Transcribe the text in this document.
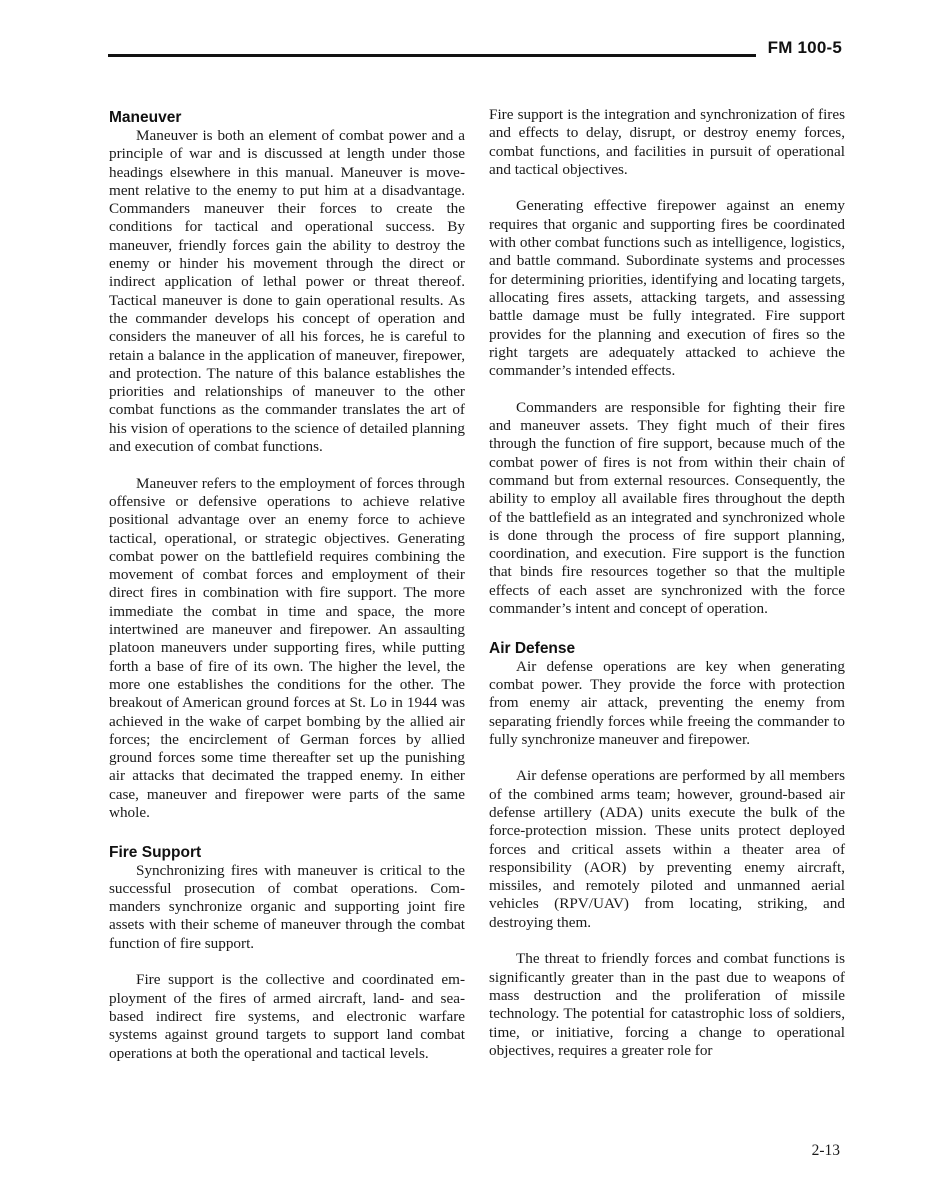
FM 100-5
Maneuver

Maneuver is both an element of combat power and a principle of war and is discussed at length under those headings elsewhere in this manual. Maneuver is movement relative to the enemy to put him at a disadvantage. Commanders maneuver their forces to create the conditions for tactical and operational success. By maneuver, friendly forces gain the ability to destroy the enemy or hinder his movement through the direct or indirect application of lethal power or threat thereof. Tactical maneuver is done to gain operational results. As the commander develops his concept of operation and considers the maneuver of all his forces, he is careful to retain a balance in the application of maneuver, firepower, and protection. The nature of this balance establishes the priorities and relationships of maneuver to the other combat functions as the commander translates the art of his vision of operations to the science of detailed planning and execution of combat functions.

Maneuver refers to the employment of forces through offensive or defensive operations to achieve relative positional advantage over an enemy force to achieve tactical, operational, or strategic objectives. Generating combat power on the battlefield requires combining the movement of combat forces and employment of their direct fires in combination with fire support. The more immediate the combat in time and space, the more intertwined are maneuver and firepower. An assaulting platoon maneuvers under supporting fires, while putting forth a base of fire of its own. The higher the level, the more one establishes the conditions for the other. The breakout of American ground forces at St. Lo in 1944 was achieved in the wake of carpet bombing by the allied air forces; the encirclement of German forces by allied ground forces some time thereafter set up the punishing air attacks that decimated the trapped enemy. In either case, maneuver and firepower were parts of the same whole.

Fire Support

Synchronizing fires with maneuver is critical to the successful prosecution of combat operations. Commanders synchronize organic and supporting joint fire assets with their scheme of maneuver through the combat function of fire support.

Fire support is the collective and coordinated employment of the fires of armed aircraft, land- and sea-based indirect fire systems, and electronic warfare systems against ground targets to support land combat operations at both the operational and tactical levels.

Fire support is the integration and synchronization of fires and effects to delay, disrupt, or destroy enemy forces, combat functions, and facilities in pursuit of operational and tactical objectives.

Generating effective firepower against an enemy requires that organic and supporting fires be coordinated with other combat functions such as intelligence, logistics, and battle command. Subordinate systems and processes for determining priorities, identifying and locating targets, allocating fires assets, attacking targets, and assessing battle damage must be fully integrated. Fire support provides for the planning and execution of fires so the right targets are adequately attacked to achieve the commander’s intended effects.

Commanders are responsible for fighting their fire and maneuver assets. They fight much of their fires through the function of fire support, because much of the combat power of fires is not from within their chain of command but from external resources. Consequently, the ability to employ all available fires throughout the depth of the battlefield as an integrated and synchronized whole is done through the process of fire support planning, coordination, and execution. Fire support is the function that binds fire resources together so that the multiple effects of each asset are synchronized with the force commander’s intent and concept of operation.

Air Defense

Air defense operations are key when generating combat power. They provide the force with protection from enemy air attack, preventing the enemy from separating friendly forces while freeing the commander to fully synchronize maneuver and firepower.

Air defense operations are performed by all members of the combined arms team; however, ground-based air defense artillery (ADA) units execute the bulk of the force-protection mission. These units protect deployed forces and critical assets within a theater area of responsibility (AOR) by preventing enemy aircraft, missiles, and remotely piloted and unmanned aerial vehicles (RPV/UAV) from locating, striking, and destroying them.

The threat to friendly forces and combat functions is significantly greater than in the past due to weapons of mass destruction and the proliferation of missile technology. The potential for catastrophic loss of soldiers, time, or initiative, forcing a change to operational objectives, requires a greater role for

2-13
